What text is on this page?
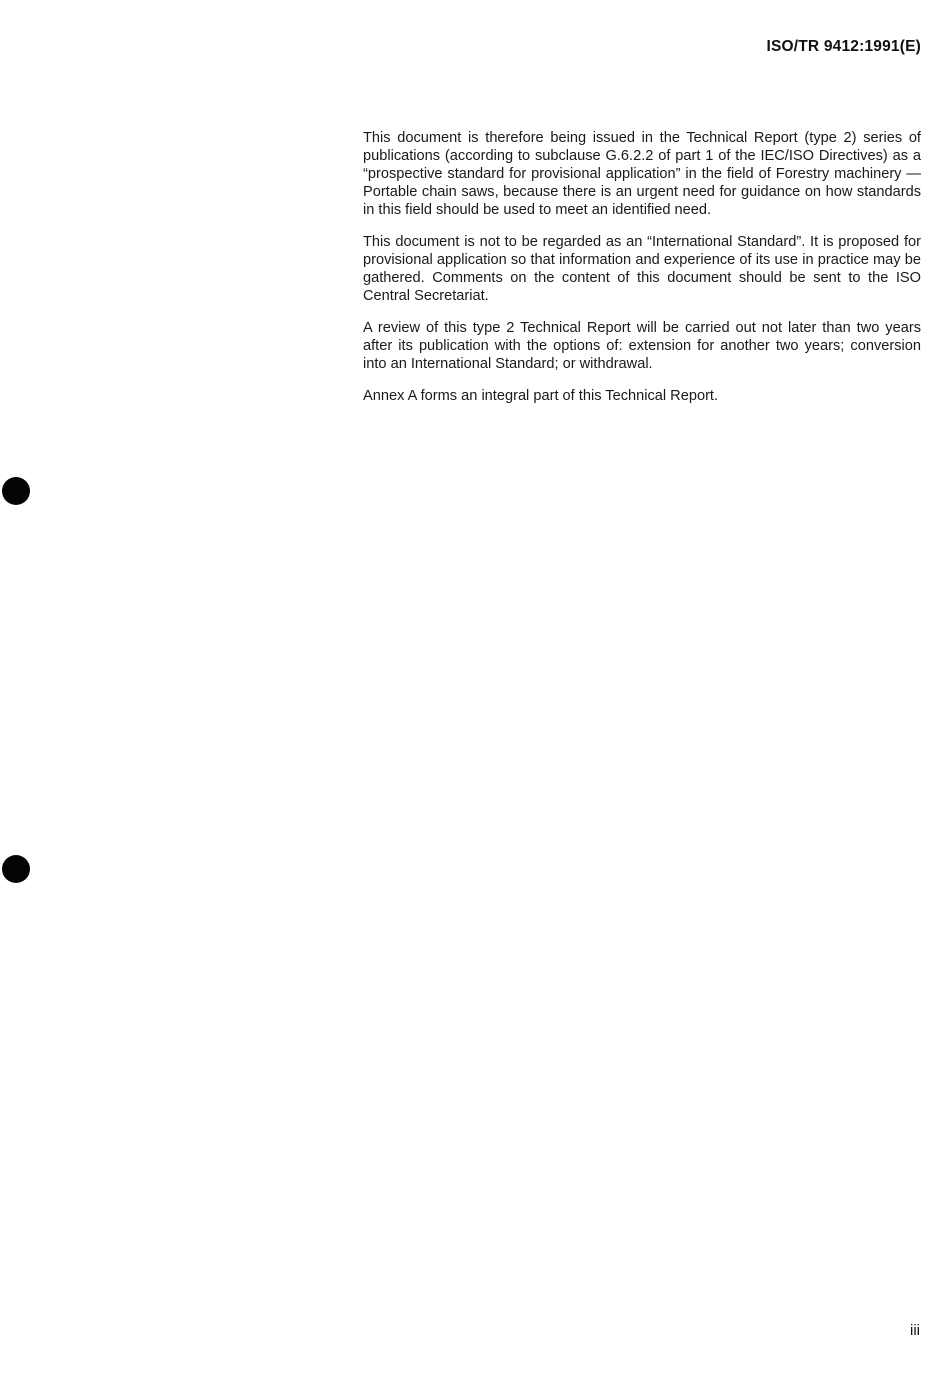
ISO/TR 9412:1991(E)

This document is therefore being issued in the Technical Report (type 2) series of publications (according to subclause G.6.2.2 of part 1 of the IEC/ISO Directives) as a “prospective standard for provisional application” in the field of Forestry machinery — Portable chain saws, because there is an urgent need for guidance on how standards in this field should be used to meet an identified need.

This document is not to be regarded as an “International Standard”. It is proposed for provisional application so that information and experience of its use in practice may be gathered. Comments on the content of this document should be sent to the ISO Central Secretariat.

A review of this type 2 Technical Report will be carried out not later than two years after its publication with the options of: extension for another two years; conversion into an International Standard; or withdrawal.

Annex A forms an integral part of this Technical Report.

iii
